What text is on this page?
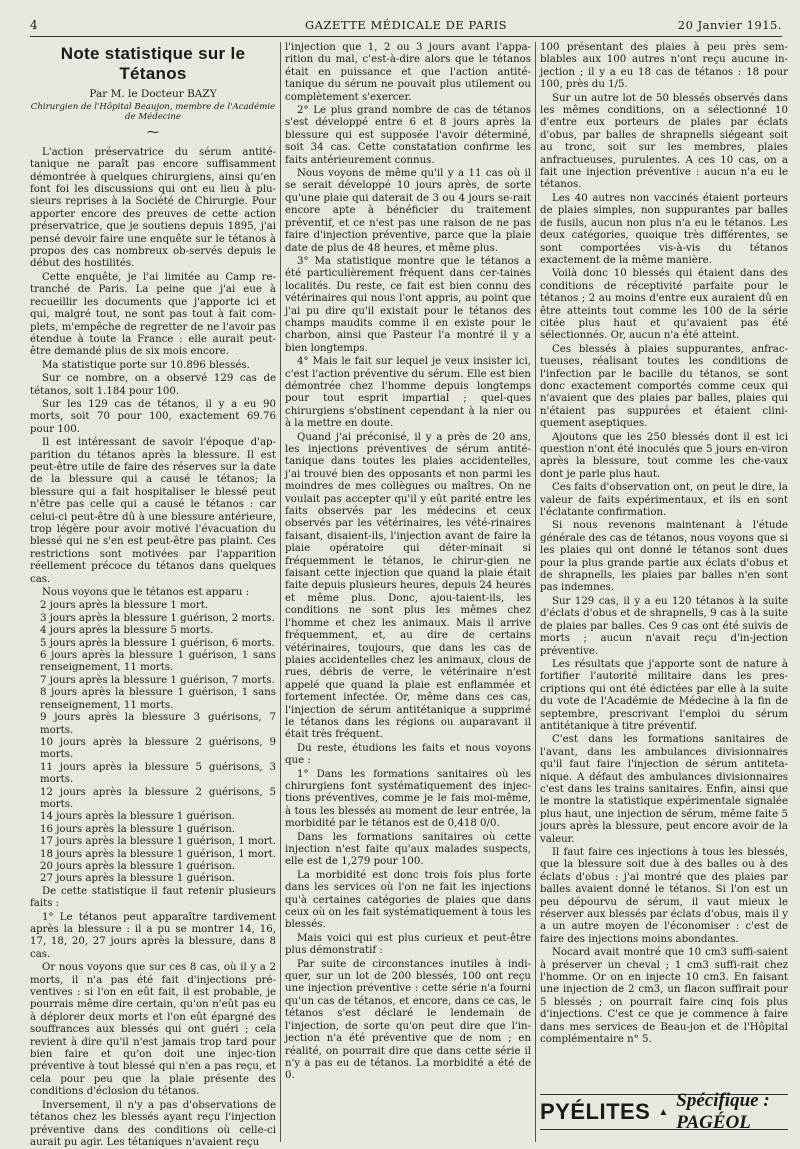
4	GAZETTE MÉDICALE DE PARIS	20 Janvier 1915.
Note statistique sur le Tétanos
Par M. le Docteur BAZY
Chirurgien de l'Hôpital Beaujon, membre de l'Académie de Médecine
⁓

L'action préservatrice du sérum antité-tanique ne paraît pas encore suffisamment démontrée à quelques chirurgiens, ainsi qu'en font foi les discussions qui ont eu lieu à plu-sieurs reprises à la Société de Chirurgie. Pour apporter encore des preuves de cette action préservatrice, que je soutiens depuis 1895, j'ai pensé devoir faire une enquête sur le tétanos à propos des cas nombreux ob-servés depuis le début des hostilités.

Cette enquête, je l'ai limitée au Camp re-tranché de Paris. La peine que j'ai eue à recueillir les documents que j'apporte ici et qui, malgré tout, ne sont pas tout à fait com-plets, m'empêche de regretter de ne l'avoir pas étendue à toute la France : elle aurait peut-être demandé plus de six mois encore.

Ma statistique porte sur 10.896 blessés.

Sur ce nombre, on a observé 129 cas de tétanos, soit 1.184 pour 100.

Sur les 129 cas de tétanos, il y a eu 90 morts, soit 70 pour 100, exactement 69.76 pour 100.

Il est intéressant de savoir l'époque d'ap-parition du tétanos après la blessure. Il est peut-être utile de faire des réserves sur la date de la blessure qui a causé le tétanos; la blessure qui a fait hospitaliser le blessé peut n'être pas celle qui a causé le tétanos : car celui-ci peut-être dû à une blessure antérieure, trop légère pour avoir motivé l'évacuation du blessé qui ne s'en est peut-être pas plaint. Ces restrictions sont motivées par l'apparition réellement précoce du tétanos dans quelques cas.

Nous voyons que le tétanos est apparu :

2 jours après la blessure 1 mort.
3 jours après la blessure 1 guérison, 2 morts.
4 jours après la blessure 5 morts.
5 jours après la blessure 1 guérison, 6 morts.
6 jours après la blessure 1 guérison, 1 sans renseignement, 11 morts.
7 jours après la blessure 1 guérison, 7 morts.
8 jours après la blessure 1 guérison, 1 sans renseignement, 11 morts.
9 jours après la blessure 3 guérisons, 7 morts.
10 jours après la blessure 2 guérisons, 9 morts.
11 jours après la blessure 5 guérisons, 3 morts.
12 jours après la blessure 2 guérisons, 5 morts.
14 jours après la blessure 1 guérison.
16 jours après la blessure 1 guérison.
17 jours après la blessure 1 guérison, 1 mort.
18 jours après la blessure 1 guérison, 1 mort.
20 jours après la blessure 1 guérison.
27 jours après la blessure 1 guérison.

De cette statistique il faut retenir plusieurs faits :

1° Le tétanos peut apparaître tardivement après la blessure : il a pu se montrer 14, 16, 17, 18, 20, 27 jours après la blessure, dans 8 cas.

Or nous voyons que sur ces 8 cas, où il y a 2 morts, il n'a pas été fait d'injections pré-ventives : si l'on en eût fait, il est probable, je pourrais même dire certain, qu'on n'eût pas eu à déplorer deux morts et l'on eût épargné des souffrances aux blessés qui ont guéri ; cela revient à dire qu'il n'est jamais trop tard pour bien faire et qu'on doit une injec-tion préventive à tout blessé qui n'en a pas reçu, et cela pour peu que la plaie présente des conditions d'éclosion du tétanos.

Inversement, il n'y a pas d'observations de tétanos chez les blessés ayant reçu l'injection préventive dans des conditions où celle-ci aurait pu agir. Les tétaniques n'avaient reçu

l'injection que 1, 2 ou 3 jours avant l'appa-rition du mal, c'est-à-dire alors que le tétanos était en puissance et que l'action antité-tanique du sérum ne pouvait plus utilement ou complètement s'exercer.

2° Le plus grand nombre de cas de tétanos s'est développé entre 6 et 8 jours après la blessure qui est supposée l'avoir déterminé, soit 34 cas. Cette constatation confirme les faits antérieurement connus.

Nous voyons de même qu'il y a 11 cas où il se serait développé 10 jours après, de sorte qu'une plaie qui daterait de 3 ou 4 jours se-rait encore apte à bénéficier du traitement préventif, et ce n'est pas une raison de ne pas faire d'injection préventive, parce que la plaie date de plus de 48 heures, et même plus.

3° Ma statistique montre que le tétanos a été particulièrement fréquent dans cer-taines localités. Du reste, ce fait est bien connu des vétérinaires qui nous l'ont appris, au point que j'ai pu dire qu'il existait pour le tétanos des champs maudits comme il en existe pour le charbon, ainsi que Pasteur l'a montré il y a bien longtemps.

4° Mais le fait sur lequel je veux insister ici, c'est l'action préventive du sérum. Elle est bien démontrée chez l'homme depuis longtemps pour tout esprit impartial ; quel-ques chirurgiens s'obstinent cependant à la nier ou à la mettre en doute.

Quand j'ai préconisé, il y a près de 20 ans, les injections préventives de sérum antité-tanique dans toutes les plaies accidentelles, j'ai trouvé bien des opposants et non parmi les moindres de mes collègues ou maîtres. On ne voulait pas accepter qu'il y eût parité entre les faits observés par les médecins et ceux observés par les vétérinaires, les vété-rinaires faisant, disaient-ils, l'injection avant de faire la plaie opératoire qui déter-minait si fréquemment le tétanos, le chirur-gien ne faisant cette injection que quand la plaie était faite depuis plusieurs heures, depuis 24 heures et même plus. Donc, ajou-taient-ils, les conditions ne sont plus les mêmes chez l'homme et chez les animaux. Mais il arrive fréquemment, et, au dire de certains vétérinaires, toujours, que dans les cas de plaies accidentelles chez les animaux, clous de rues, débris de verre, le vétérinaire n'est appelé que quand la plaie est enflammée et fortement infectée. Or, même dans ces cas, l'injection de sérum antitétanique a supprimé le tétanos dans les régions ou auparavant il était très fréquent.

Du reste, étudions les faits et nous voyons que :

1° Dans les formations sanitaires où les chirurgiens font systématiquement des injec-tions préventives, comme je le fais moi-même, à tous les blessés au moment de leur entrée, la morbidité par le tétanos est de 0,418 0/0.

Dans les formations sanitaires où cette injection n'est faite qu'aux malades suspects, elle est de 1,279 pour 100.

La morbidité est donc trois fois plus forte dans les services où l'on ne fait les injections qu'à certaines catégories de plaies que dans ceux où on les fait systématiquement à tous les blessés.

Mais voici qui est plus curieux et peut-être plus démonstratif :

Par suite de circonstances inutiles à indi-quer, sur un lot de 200 blessés, 100 ont reçu une injection préventive : cette série n'a fourni qu'un cas de tétanos, et encore, dans ce cas, le tétanos s'est déclaré le lendemain de l'injection, de sorte qu'on peut dire que l'in-jection n'a été préventive que de nom ; en réalité, on pourrait dire que dans cette série il n'y a pas eu de tétanos. La morbidité a été de 0.

100 présentant des plaies à peu près sem-blables aux 100 autres n'ont reçu aucune in-jection ; il y a eu 18 cas de tétanos : 18 pour 100, près du 1/5.

Sur un autre lot de 50 blessés observés dans les mêmes conditions, on a sélectionné 10 d'entre eux porteurs de plaies par éclats d'obus, par balles de shrapnells siégeant soit au tronc, soit sur les membres, plaies anfractueuses, purulentes. A ces 10 cas, on a fait une injection préventive : aucun n'a eu le tétanos.

Les 40 autres non vaccinés étaient porteurs de plaies simples, non suppurantes par balles de fusils, aucun non plus n'a eu le tétanos. Les deux catégories, quoique très différentes, se sont comportées vis-à-vis du tétanos exactement de la même manière.

Voilà donc 10 blessés qui étaient dans des conditions de réceptivité parfaite pour le tétanos ; 2 au moins d'entre eux auraient dû en être atteints tout comme les 100 de la série citée plus haut et qu'avaient pas été sélectionnés. Or, aucun n'a été atteint.

Ces blessés à plaies suppurantes, anfrac-tueuses, réalisant toutes les conditions de l'infection par le bacille du tétanos, se sont donc exactement comportés comme ceux qui n'avaient que des plaies par balles, plaies qui n'étaient pas suppurées et étaient clini-quement aseptiques.

Ajoutons que les 250 blessés dont il est ici question n'ont été inoculés que 5 jours en-viron après la blessure, tout comme les che-vaux dont je parle plus haut.

Ces faits d'observation ont, on peut le dire, la valeur de faits expérimentaux, et ils en sont l'éclatante confirmation.

Si nous revenons maintenant à l'étude générale des cas de tétanos, nous voyons que si les plaies qui ont donné le tétanos sont dues pour la plus grande partie aux éclats d'obus et de shrapnells, les plaies par balles n'en sont pas indemnes.

Sur 129 cas, il y a eu 120 tétanos à la suite d'éclats d'obus et de shrapnells, 9 cas à la suite de plaies par balles. Ces 9 cas ont été suivis de morts ; aucun n'avait reçu d'in-jection préventive.

Les résultats que j'apporte sont de nature à fortifier l'autorité militaire dans les pres-criptions qui ont été édictées par elle à la suite du vote de l'Académie de Médecine à la fin de septembre, prescrivant l'emploi du sérum antitétanique à titre préventif.

C'est dans les formations sanitaires de l'avant, dans les ambulances divisionnaires qu'il faut faire l'injection de sérum antiteta-nique. A défaut des ambulances divisionnaires c'est dans les trains sanitaires. Enfin, ainsi que le montre la statistique expérimentale signalée plus haut, une injection de sérum, même faite 5 jours après la blessure, peut encore avoir de la valeur.

Il faut faire ces injections à tous les blessés, que la blessure soit due à des balles ou à des éclats d'obus : j'ai montré que des plaies par balles avaient donné le tétanos. Si l'on est un peu dépourvu de sérum, il vaut mieux le réserver aux blessés par éclats d'obus, mais il y a un autre moyen de l'économiser : c'est de faire des injections moins abondantes.

Nocard avait montré que 10 cm3 suffi-saient à préserver un cheval ; 1 cm3 suffi-rait chez l'homme. Or on en injecte 10 cm3. En faisant une injection de 2 cm3, un flacon suffirait pour 5 blessés ; on pourrait faire cinq fois plus d'injections. C'est ce que je commence à faire dans mes services de Beau-jon et de l'Hôpital complémentaire n° 5.

PYÉLITES ▲
Spécifique : PAGÉOL
